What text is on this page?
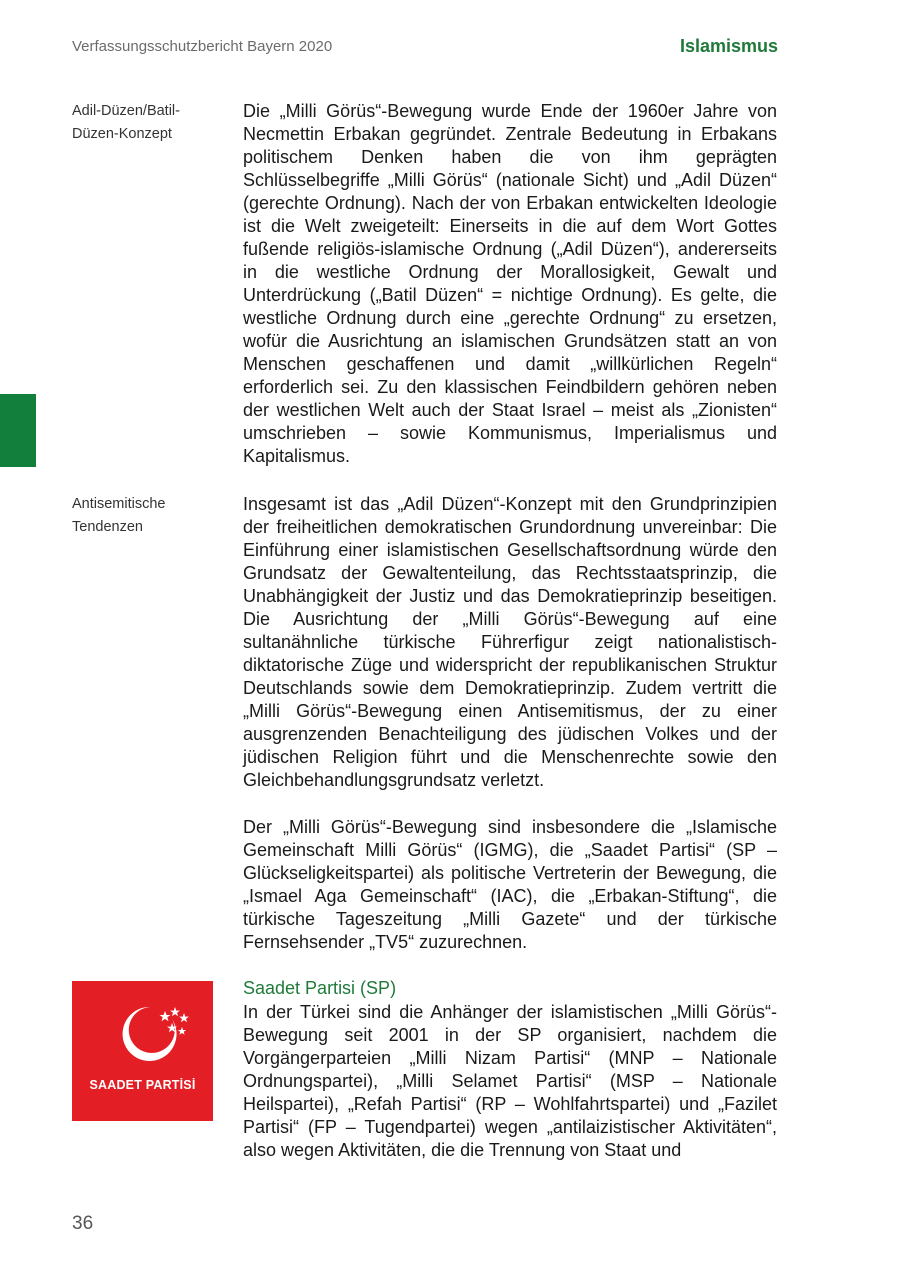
Verfassungsschutzbericht Bayern 2020	Islamismus
Adil-Düzen/Batil-
Düzen-Konzept
Antisemitische
Tendenzen

Die „Milli Görüs“-Bewegung wurde Ende der 1960er Jahre von Necmettin Erbakan gegründet. Zentrale Bedeutung in Erbakans politischem Denken haben die von ihm geprägten Schlüsselbegriffe „Milli Görüs“ (nationale Sicht) und „Adil Düzen“ (gerechte Ordnung). Nach der von Erbakan entwickelten Ideologie ist die Welt zweigeteilt: Einerseits in die auf dem Wort Gottes fußende religiös-islamische Ordnung („Adil Düzen“), andererseits in die westliche Ordnung der Morallosigkeit, Gewalt und Unterdrückung („Batil Düzen“ = nichtige Ordnung). Es gelte, die westliche Ordnung durch eine „gerechte Ordnung“ zu ersetzen, wofür die Ausrichtung an islamischen Grundsätzen statt an von Menschen geschaffenen und damit „willkürlichen Regeln“ erforderlich sei. Zu den klassischen Feindbildern gehören neben der westlichen Welt auch der Staat Israel – meist als „Zionisten“ umschrieben – sowie Kommunismus, Imperialismus und Kapitalismus.

Insgesamt ist das „Adil Düzen“-Konzept mit den Grundprinzipien der freiheitlichen demokratischen Grundordnung unvereinbar: Die Einführung einer islamistischen Gesellschaftsordnung würde den Grundsatz der Gewaltenteilung, das Rechtsstaatsprinzip, die Unabhängigkeit der Justiz und das Demokratieprinzip beseitigen. Die Ausrichtung der „Milli Görüs“-Bewegung auf eine sultanähnliche türkische Führerfigur zeigt nationalistisch-diktatorische Züge und widerspricht der republikanischen Struktur Deutschlands sowie dem Demokratieprinzip. Zudem vertritt die „Milli Görüs“-Bewegung einen Antisemitismus, der zu einer ausgrenzenden Benachteiligung des jüdischen Volkes und der jüdischen Religion führt und die Menschenrechte sowie den Gleichbehandlungsgrundsatz verletzt.

Der „Milli Görüs“-Bewegung sind insbesondere die „Islamische Gemeinschaft Milli Görüs“ (IGMG), die „Saadet Partisi“ (SP – Glückseligkeitspartei) als politische Vertreterin der Bewegung, die „Ismael Aga Gemeinschaft“ (IAC), die „Erbakan-Stiftung“, die türkische Tageszeitung „Milli Gazete“ und der türkische Fernsehsender „TV5“ zuzurechnen.

Saadet Partisi (SP)

In der Türkei sind die Anhänger der islamistischen „Milli Görüs“-Bewegung seit 2001 in der SP organisiert, nachdem die Vorgängerparteien „Milli Nizam Partisi“ (MNP – Nationale Ordnungspartei), „Milli Selamet Partisi“ (MSP – Nationale Heilspartei), „Refah Partisi“ (RP – Wohlfahrtspartei) und „Fazilet Partisi“ (FP – Tugendpartei) wegen „antilaizistischer Aktivitäten“, also wegen Aktivitäten, die die Trennung von Staat und

SAADET PARTİSİ
36
